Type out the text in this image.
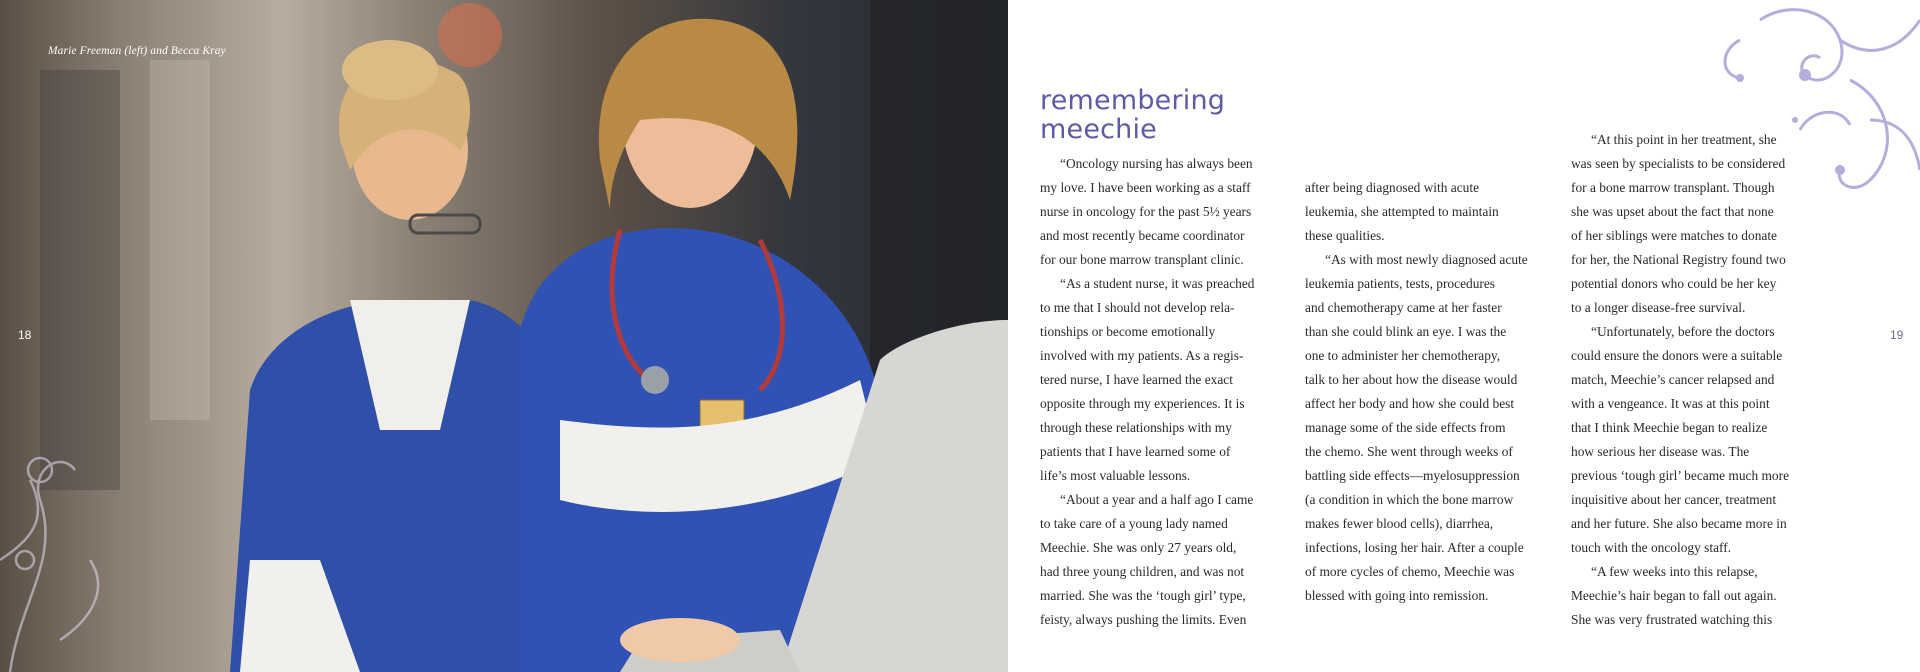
Marie Freeman (left) and Becca Kray
18	19
remembering
meechie
“Oncology nursing has always been
my love. I have been working as a staff
nurse in oncology for the past 5½ years
and most recently became coordinator
for our bone marrow transplant clinic.
“As a student nurse, it was preached
to me that I should not develop rela-
tionships or become emotionally
involved with my patients. As a regis-
tered nurse, I have learned the exact
opposite through my experiences. It is
through these relationships with my
patients that I have learned some of
life’s most valuable lessons.
“About a year and a half ago I came
to take care of a young lady named
Meechie. She was only 27 years old,
had three young children, and was not
married. She was the ‘tough girl’ type,
feisty, always pushing the limits. Even
after being diagnosed with acute
leukemia, she attempted to maintain
these qualities.
“As with most newly diagnosed acute
leukemia patients, tests, procedures
and chemotherapy came at her faster
than she could blink an eye. I was the
one to administer her chemotherapy,
talk to her about how the disease would
affect her body and how she could best
manage some of the side effects from
the chemo. She went through weeks of
battling side effects—myelosuppression
(a condition in which the bone marrow
makes fewer blood cells), diarrhea,
infections, losing her hair. After a couple
of more cycles of chemo, Meechie was
blessed with going into remission.
“At this point in her treatment, she
was seen by specialists to be considered
for a bone marrow transplant. Though
she was upset about the fact that none
of her siblings were matches to donate
for her, the National Registry found two
potential donors who could be her key
to a longer disease-free survival.
“Unfortunately, before the doctors
could ensure the donors were a suitable
match, Meechie’s cancer relapsed and
with a vengeance. It was at this point
that I think Meechie began to realize
how serious her disease was. The
previous ‘tough girl’ became much more
inquisitive about her cancer, treatment
and her future. She also became more in
touch with the oncology staff.
“A few weeks into this relapse,
Meechie’s hair began to fall out again.
She was very frustrated watching this
